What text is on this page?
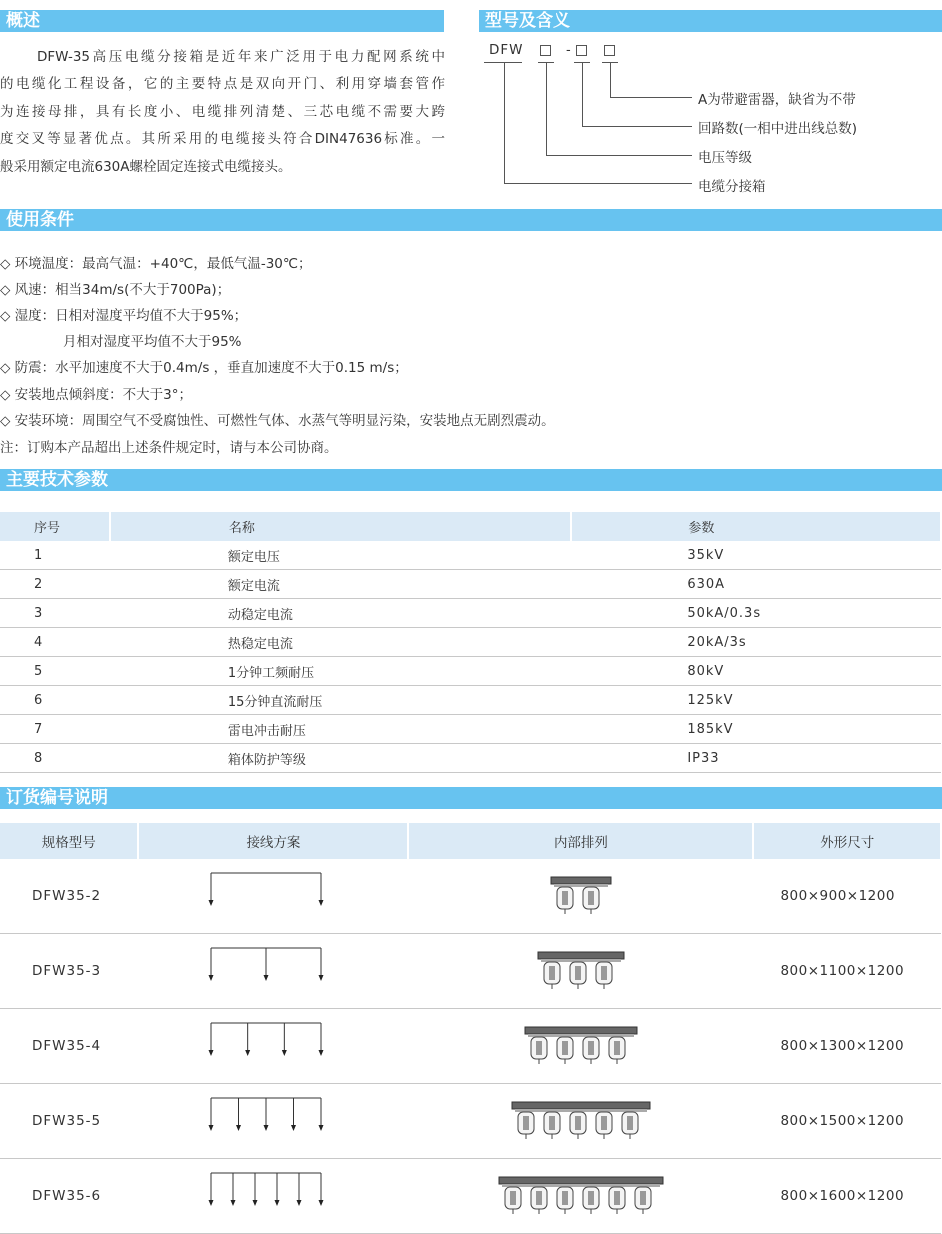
概述	型号及含义
使用条件
主要技术参数
订货编号说明
DFW-35高压电缆分接箱是近年来广泛用于电力配网系统中
的电缆化工程设备，它的主要特点是双向开门、利用穿墙套管作
为连接母排，具有长度小、电缆排列清楚、三芯电缆不需要大跨
度交叉等显著优点。其所采用的电缆接头符合DIN47636标准。一
般采用额定电流630A螺栓固定连接式电缆接头。
DFW	-
A为带避雷器，缺省为不带
回路数(一相中进出线总数)
电压等级
电缆分接箱
◇ 环境温度：最高气温：+40℃，最低气温-30℃；
◇ 风速：相当34m/s(不大于700Pa)；
◇ 湿度：日相对湿度平均值不大于95%；
月相对湿度平均值不大于95%
◇ 防震：水平加速度不大于0.4m/s ，垂直加速度不大于0.15 m/s；
◇ 安装地点倾斜度：不大于3°；
◇ 安装环境：周围空气不受腐蚀性、可燃性气体、水蒸气等明显污染，安装地点无剧烈震动。
注：订购本产品超出上述条件规定时，请与本公司协商。
序号	名称	参数
1	额定电压	35kV
2	额定电流	630A
3	动稳定电流	50kA/0.3s
4	热稳定电流	20kA/3s
5	1分钟工频耐压	80kV
6	15分钟直流耐压	125kV
7	雷电冲击耐压	185kV
8	箱体防护等级	IP33
规格型号	接线方案	内部排列	外形尺寸
DFW35-2			800×900×1200
DFW35-3			800×1100×1200
DFW35-4			800×1300×1200
DFW35-5			800×1500×1200
DFW35-6			800×1600×1200
